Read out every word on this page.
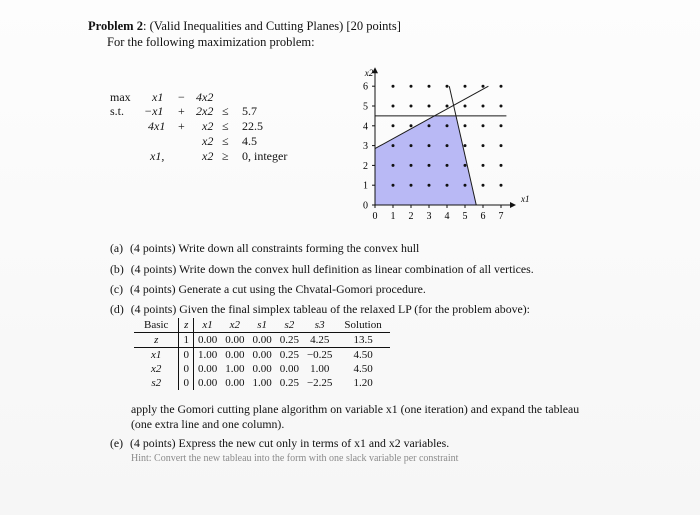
Problem 2: (Valid Inequalities and Cutting Planes) [20 points]
For the following maximization problem:
max
s.t.
x1 − 4x2
−x1 + 2x2 ≤ 5.7
4x1 + x2 ≤ 22.5
x2 ≤ 4.5
x1,	x2 ≥ 0, integer
0 1 2 3 4 5 6 7
0
1
2
3
4
5
6
x2
x1
(a) (4 points) Write down all constraints forming the convex hull
(b) (4 points) Write down the convex hull definition as linear combination of all vertices.
(c) (4 points) Generate a cut using the Chvatal-Gomori procedure.
(d) (4 points) Given the final simplex tableau of the relaxed LP (for the problem above):
Basic	z	x1	x2	s1	s2	s3	Solution
z	1	0.00	0.00	0.00	0.25	4.25	13.5
x1	0	1.00	0.00	0.00	0.25	−0.25	4.50
x2	0	0.00	1.00	0.00	0.00	1.00	4.50
s2	0	0.00	0.00	1.00	0.25	−2.25	1.20
apply the Gomori cutting plane algorithm on variable x1 (one iteration) and expand the tableau
(one extra line and one column).
(e) (4 points) Express the new cut only in terms of x1 and x2 variables.
Hint: Convert the new tableau into the form with one slack variable per constraint
